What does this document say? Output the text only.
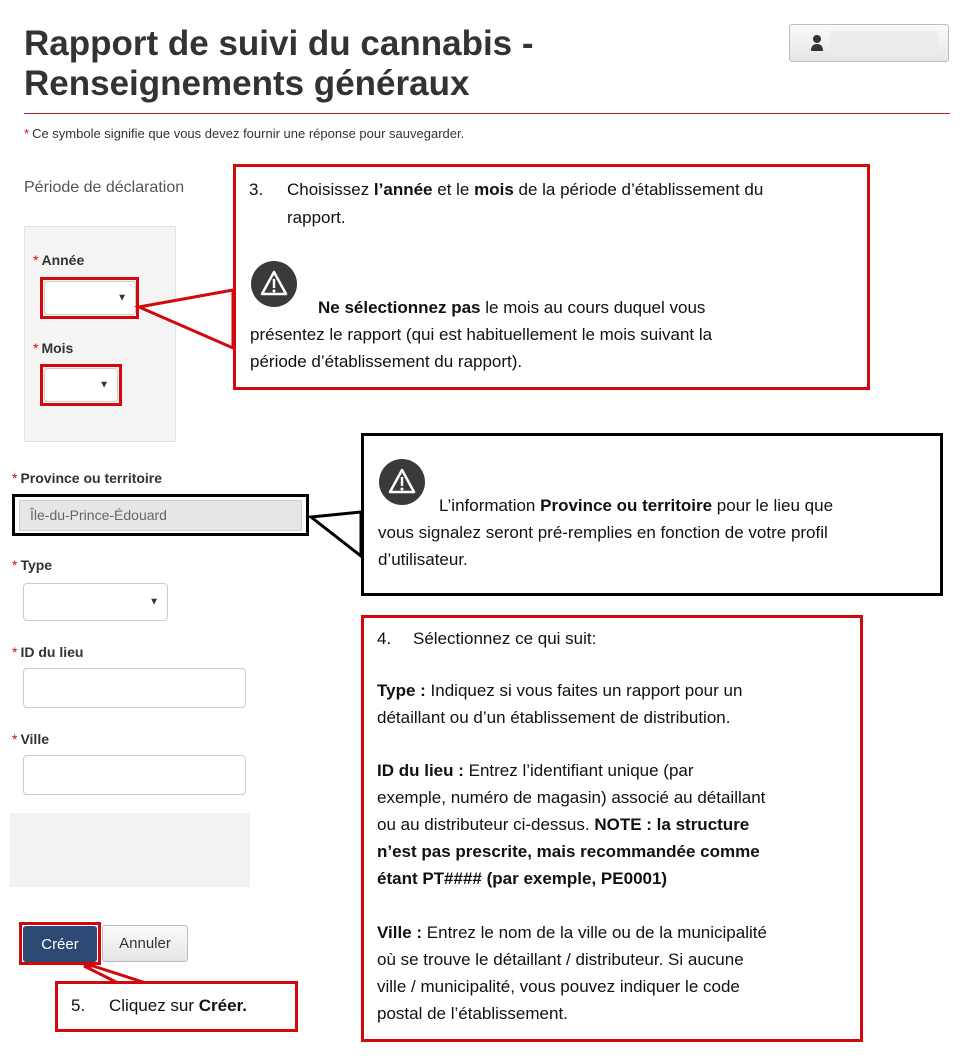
Rapport de suivi du cannabis -
Renseignements généraux
* Ce symbole signifie que vous devez fournir une réponse pour sauvegarder.
Période de déclaration
* Année
▼
* Mois
▼
* Province ou territoire
Île-du-Prince-Édouard
* Type
▼
* ID du lieu
* Ville
Créer	Annuler
3. Choisissez l’année et le mois de la période d’établissement du
rapport.
Ne sélectionnez pas le mois au cours duquel vous
présentez le rapport (qui est habituellement le mois suivant la
période d’établissement du rapport).
L’information Province ou territoire pour le lieu que
vous signalez seront pré-remplies en fonction de votre profil
d’utilisateur.
4. Sélectionnez ce qui suit:
Type : Indiquez si vous faites un rapport pour un
détaillant ou d’un établissement de distribution.
ID du lieu : Entrez l’identifiant unique (par
exemple, numéro de magasin) associé au détaillant
ou au distributeur ci-dessus. NOTE : la structure
n’est pas prescrite, mais recommandée comme
étant PT#### (par exemple, PE0001)
Ville : Entrez le nom de la ville ou de la municipalité
où se trouve le détaillant / distributeur. Si aucune
ville / municipalité, vous pouvez indiquer le code
postal de l’établissement.
5. Cliquez sur Créer.
